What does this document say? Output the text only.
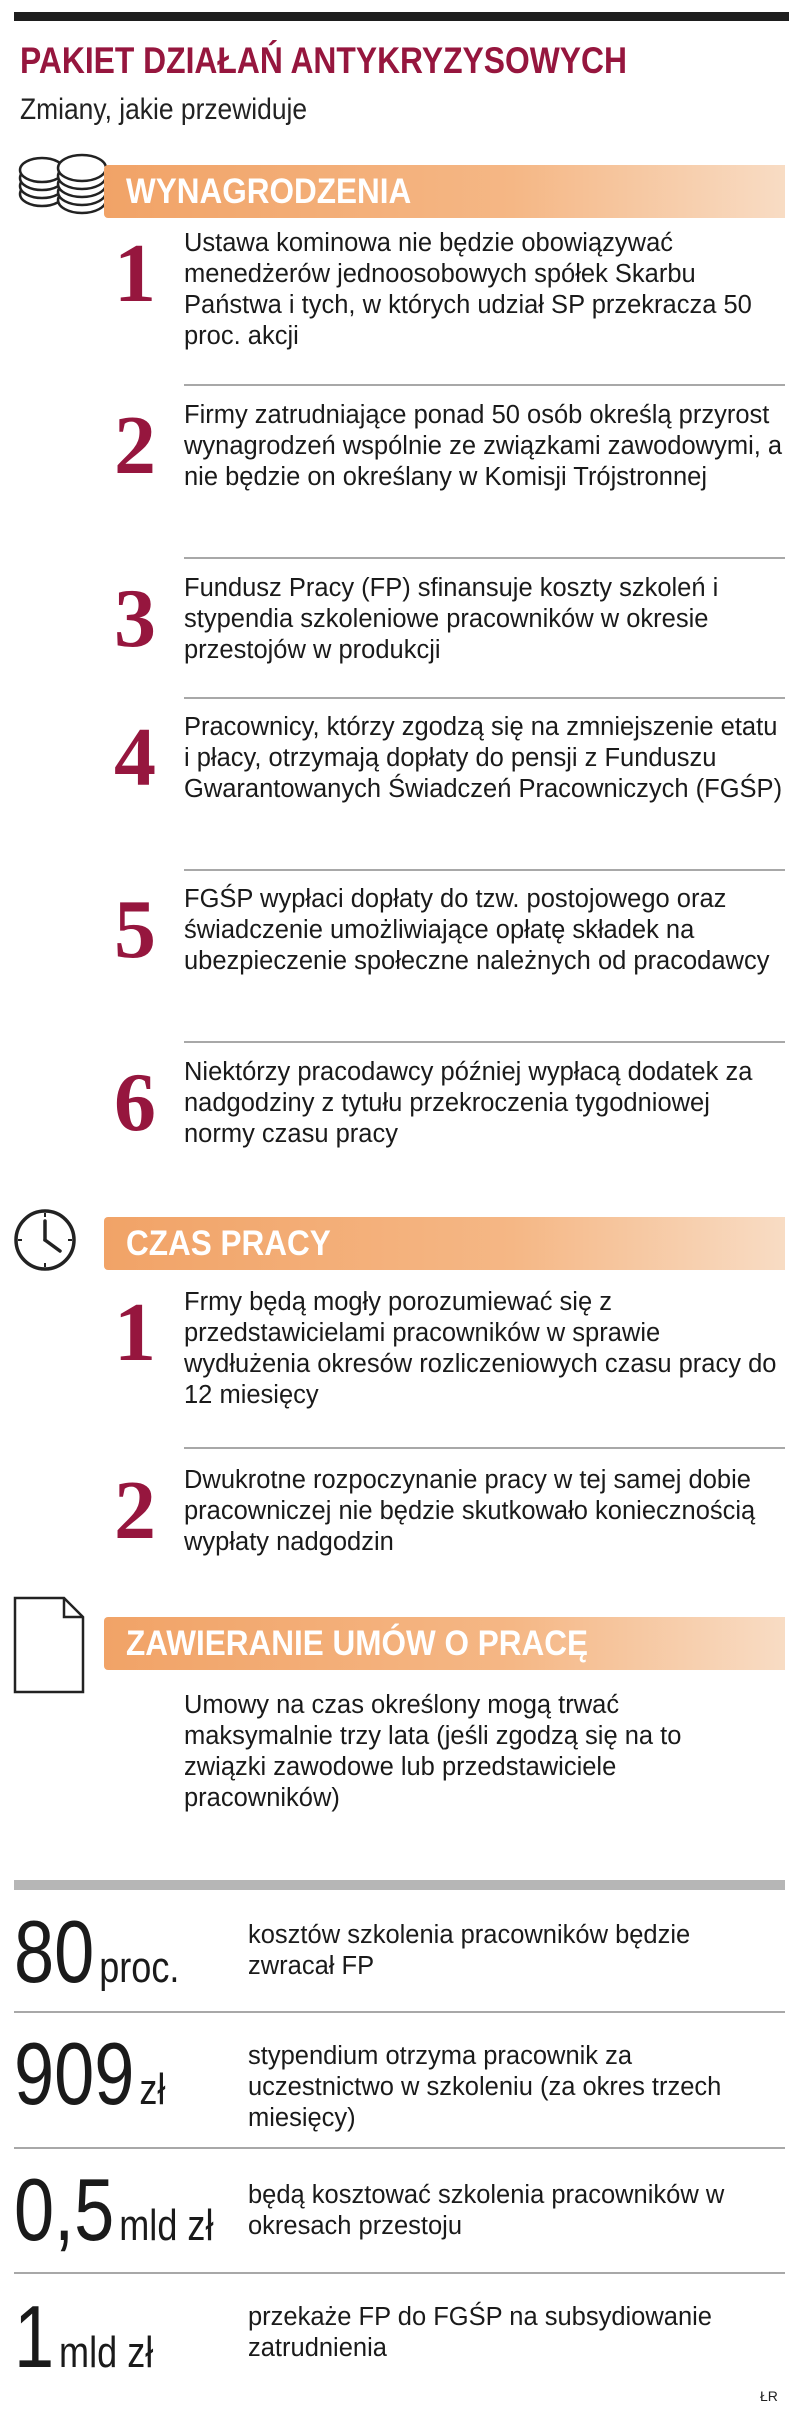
PAKIET DZIAŁAŃ ANTYKRYZYSOWYCH
Zmiany, jakie przewiduje
WYNAGRODZENIA
1 Ustawa kominowa nie będzie obowiązywać menedżerów jednoosobowych spółek Skarbu Państwa i tych, w których udział SP przekracza 50 proc. akcji
2 Firmy zatrudniające ponad 50 osób określą przyrost wynagrodzeń wspólnie ze związkami zawodowymi, a nie będzie on określany w Komisji Trójstronnej
3 Fundusz Pracy (FP) sfinansuje koszty szkoleń i stypendia szkoleniowe pracowników w okresie przestojów w produkcji
4 Pracownicy, którzy zgodzą się na zmniejszenie etatu i płacy, otrzymają dopłaty do pensji z Funduszu Gwarantowanych Świadczeń Pracowniczych (FGŚP)
5 FGŚP wypłaci dopłaty do tzw. postojowego oraz świadczenie umożliwiające opłatę składek na ubezpieczenie społeczne należnych od pracodawcy
6 Niektórzy pracodawcy później wypłacą dodatek za nadgodziny z tytułu przekroczenia tygodniowej normy czasu pracy
CZAS PRACY
1 Frmy będą mogły porozumiewać się z przedstawicielami pracowników w sprawie wydłużenia okresów rozliczeniowych czasu pracy do 12 miesięcy
2 Dwukrotne rozpoczynanie pracy w tej samej dobie pracowniczej nie będzie skutkowało koniecznością wypłaty nadgodzin
ZAWIERANIE UMÓW O PRACĘ
Umowy na czas określony mogą trwać maksymalnie trzy lata (jeśli zgodzą się na to związki zawodowe lub przedstawiciele pracowników)
80 proc.
kosztów szkolenia pracowników będzie zwracał FP
909 zł
stypendium otrzyma pracownik za uczestnictwo w szkoleniu (za okres trzech miesięcy)
0,5 mld zł
będą kosztować szkolenia pracowników w okresach przestoju
1 mld zł
przekaże FP do FGŚP na subsydiowanie zatrudnienia
ŁR
